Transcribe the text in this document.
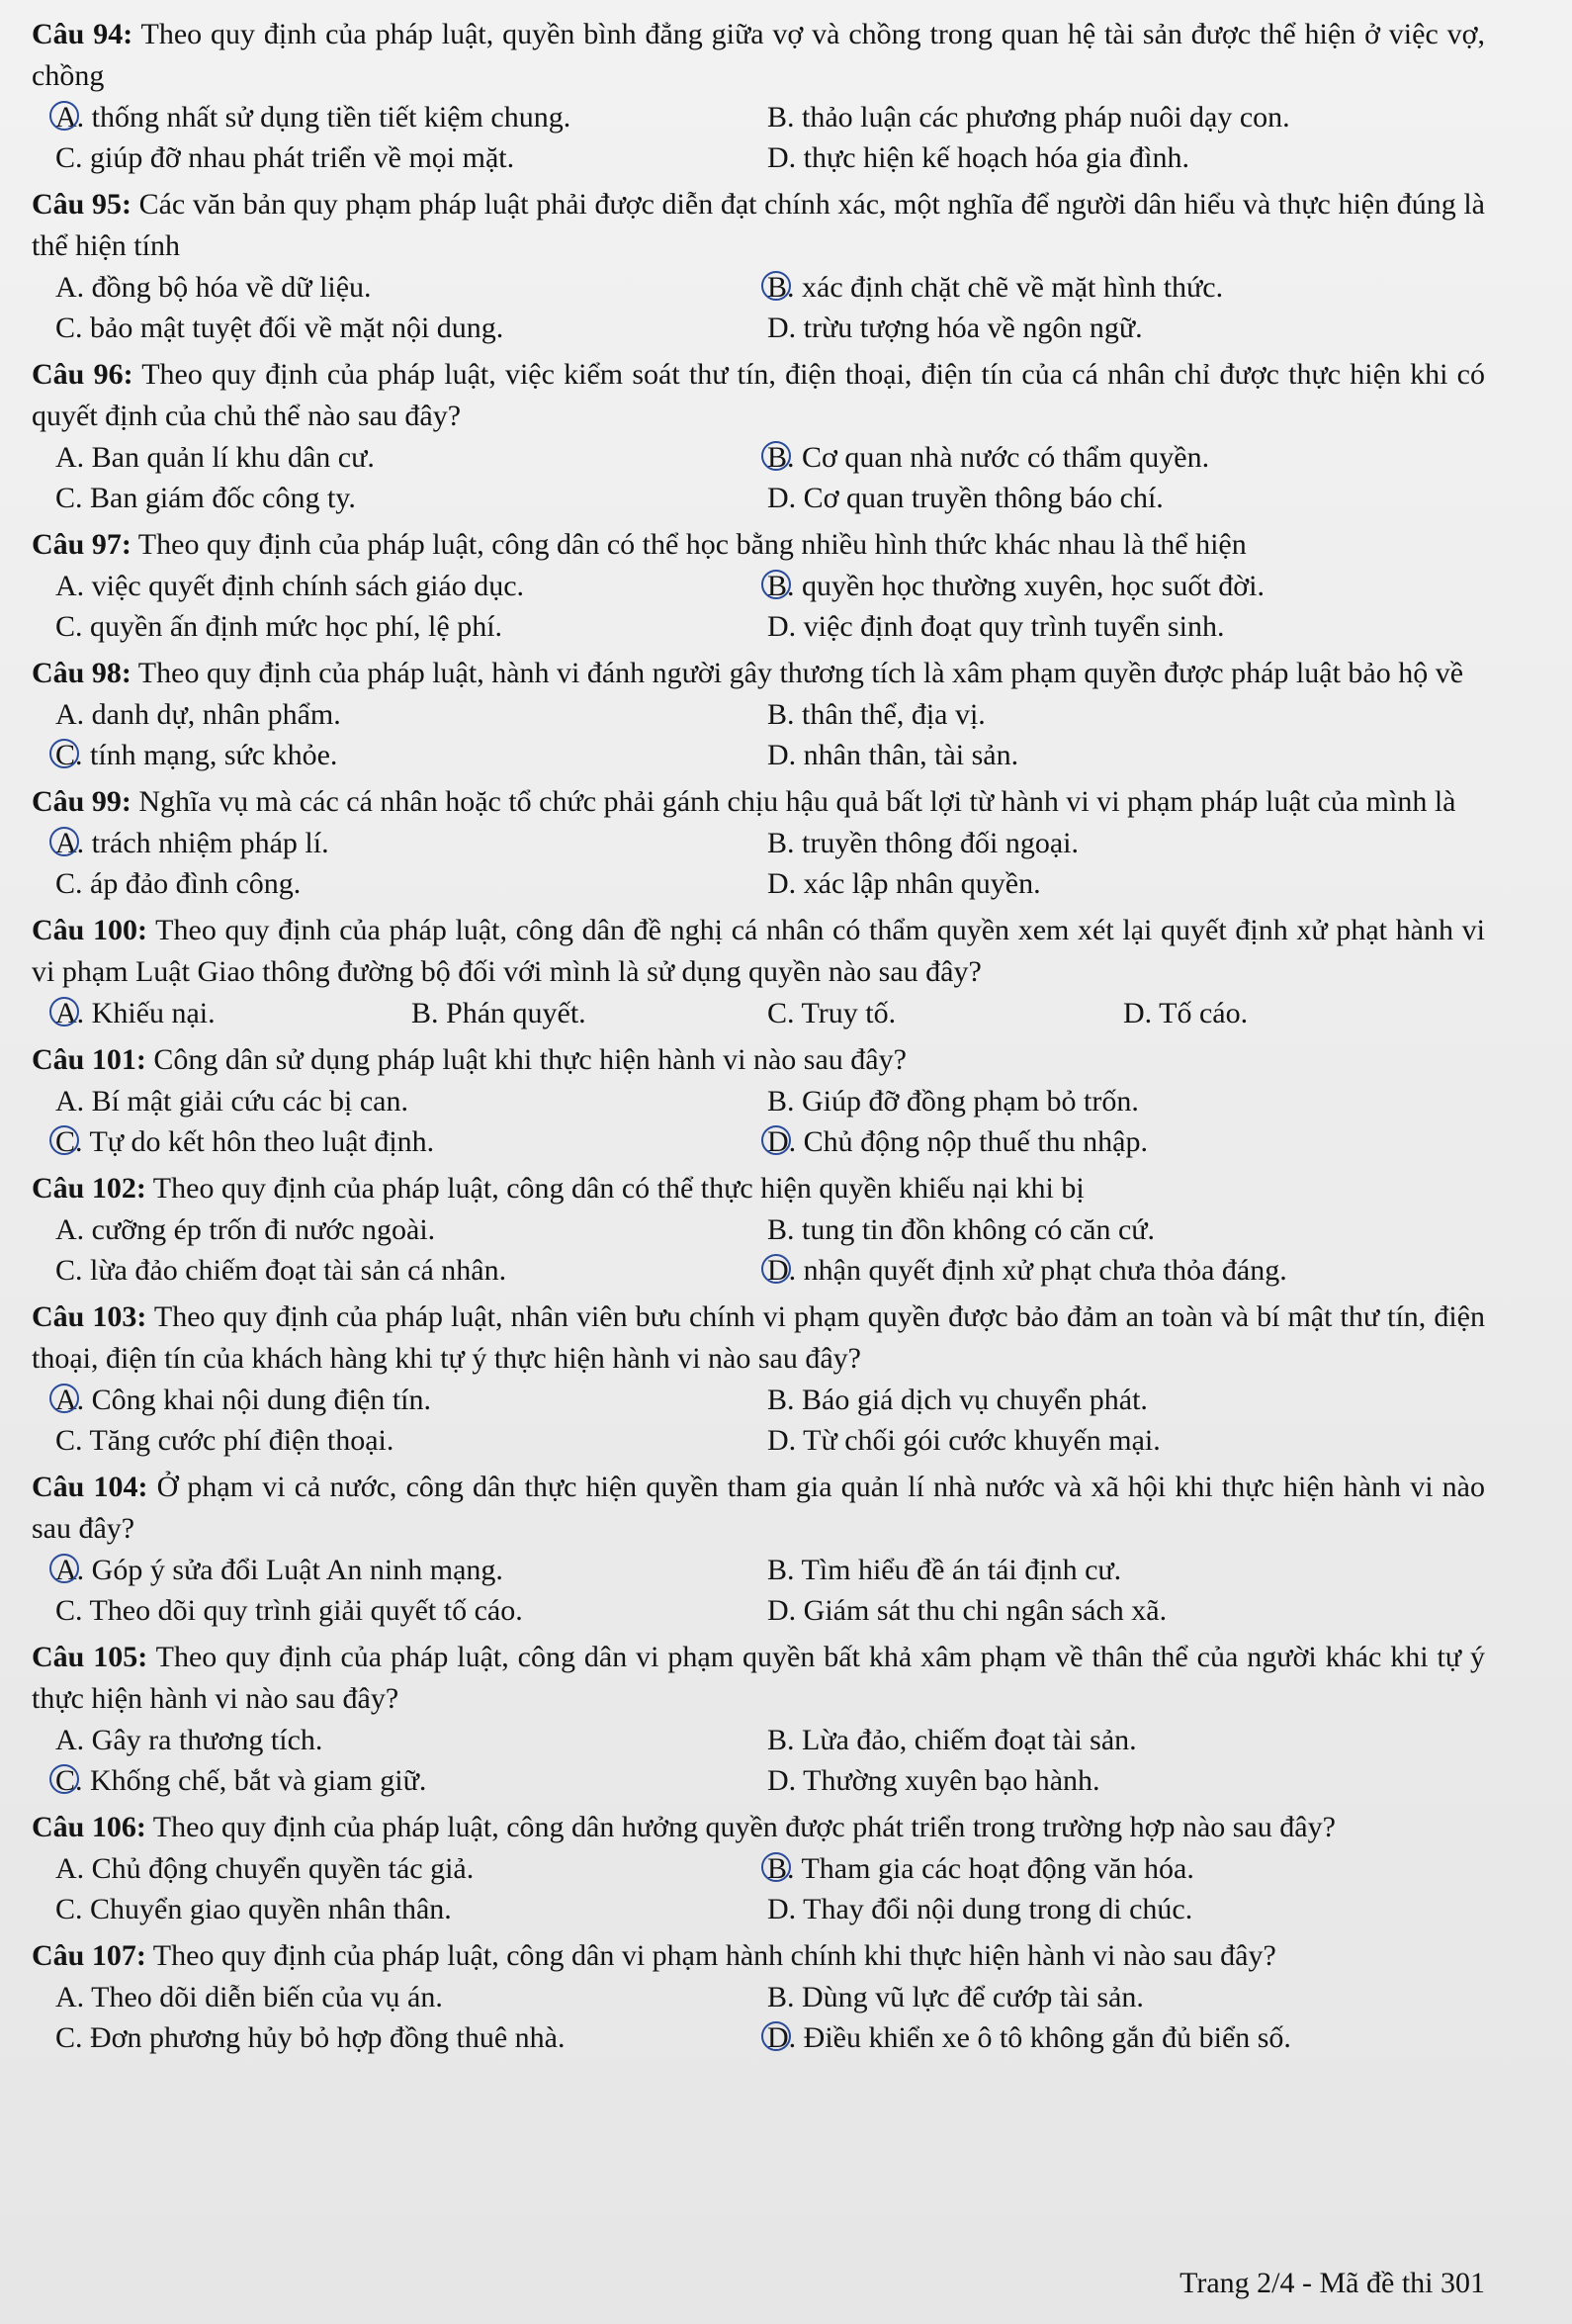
Câu 94: Theo quy định của pháp luật, quyền bình đẳng giữa vợ và chồng trong quan hệ tài sản được thể hiện ở việc vợ, chồng

A. thống nhất sử dụng tiền tiết kiệm chung.	B. thảo luận các phương pháp nuôi dạy con.
C. giúp đỡ nhau phát triển về mọi mặt.	D. thực hiện kế hoạch hóa gia đình.

Câu 95: Các văn bản quy phạm pháp luật phải được diễn đạt chính xác, một nghĩa để người dân hiểu và thực hiện đúng là thể hiện tính

A. đồng bộ hóa về dữ liệu.	B. xác định chặt chẽ về mặt hình thức.
C. bảo mật tuyệt đối về mặt nội dung.	D. trừu tượng hóa về ngôn ngữ.

Câu 96: Theo quy định của pháp luật, việc kiểm soát thư tín, điện thoại, điện tín của cá nhân chỉ được thực hiện khi có quyết định của chủ thể nào sau đây?

A. Ban quản lí khu dân cư.	B. Cơ quan nhà nước có thẩm quyền.
C. Ban giám đốc công ty.	D. Cơ quan truyền thông báo chí.

Câu 97: Theo quy định của pháp luật, công dân có thể học bằng nhiều hình thức khác nhau là thể hiện

A. việc quyết định chính sách giáo dục.	B. quyền học thường xuyên, học suốt đời.
C. quyền ấn định mức học phí, lệ phí.	D. việc định đoạt quy trình tuyển sinh.

Câu 98: Theo quy định của pháp luật, hành vi đánh người gây thương tích là xâm phạm quyền được pháp luật bảo hộ về

A. danh dự, nhân phẩm.	B. thân thể, địa vị.
C. tính mạng, sức khỏe.	D. nhân thân, tài sản.

Câu 99: Nghĩa vụ mà các cá nhân hoặc tổ chức phải gánh chịu hậu quả bất lợi từ hành vi vi phạm pháp luật của mình là

A. trách nhiệm pháp lí.	B. truyền thông đối ngoại.
C. áp đảo đình công.	D. xác lập nhân quyền.

Câu 100: Theo quy định của pháp luật, công dân đề nghị cá nhân có thẩm quyền xem xét lại quyết định xử phạt hành vi vi phạm Luật Giao thông đường bộ đối với mình là sử dụng quyền nào sau đây?

A. Khiếu nại.	B. Phán quyết.	C. Truy tố.	D. Tố cáo.

Câu 101: Công dân sử dụng pháp luật khi thực hiện hành vi nào sau đây?

A. Bí mật giải cứu các bị can.	B. Giúp đỡ đồng phạm bỏ trốn.
C. Tự do kết hôn theo luật định.	D. Chủ động nộp thuế thu nhập.

Câu 102: Theo quy định của pháp luật, công dân có thể thực hiện quyền khiếu nại khi bị

A. cưỡng ép trốn đi nước ngoài.	B. tung tin đồn không có căn cứ.
C. lừa đảo chiếm đoạt tài sản cá nhân.	D. nhận quyết định xử phạt chưa thỏa đáng.

Câu 103: Theo quy định của pháp luật, nhân viên bưu chính vi phạm quyền được bảo đảm an toàn và bí mật thư tín, điện thoại, điện tín của khách hàng khi tự ý thực hiện hành vi nào sau đây?

A. Công khai nội dung điện tín.	B. Báo giá dịch vụ chuyển phát.
C. Tăng cước phí điện thoại.	D. Từ chối gói cước khuyến mại.

Câu 104: Ở phạm vi cả nước, công dân thực hiện quyền tham gia quản lí nhà nước và xã hội khi thực hiện hành vi nào sau đây?

A. Góp ý sửa đổi Luật An ninh mạng.	B. Tìm hiểu đề án tái định cư.
C. Theo dõi quy trình giải quyết tố cáo.	D. Giám sát thu chi ngân sách xã.

Câu 105: Theo quy định của pháp luật, công dân vi phạm quyền bất khả xâm phạm về thân thể của người khác khi tự ý thực hiện hành vi nào sau đây?

A. Gây ra thương tích.	B. Lừa đảo, chiếm đoạt tài sản.
C. Khống chế, bắt và giam giữ.	D. Thường xuyên bạo hành.

Câu 106: Theo quy định của pháp luật, công dân hưởng quyền được phát triển trong trường hợp nào sau đây?

A. Chủ động chuyển quyền tác giả.	B. Tham gia các hoạt động văn hóa.
C. Chuyển giao quyền nhân thân.	D. Thay đổi nội dung trong di chúc.

Câu 107: Theo quy định của pháp luật, công dân vi phạm hành chính khi thực hiện hành vi nào sau đây?

A. Theo dõi diễn biến của vụ án.	B. Dùng vũ lực để cướp tài sản.
C. Đơn phương hủy bỏ hợp đồng thuê nhà.	D. Điều khiển xe ô tô không gắn đủ biển số.
Trang 2/4 - Mã đề thi 301
